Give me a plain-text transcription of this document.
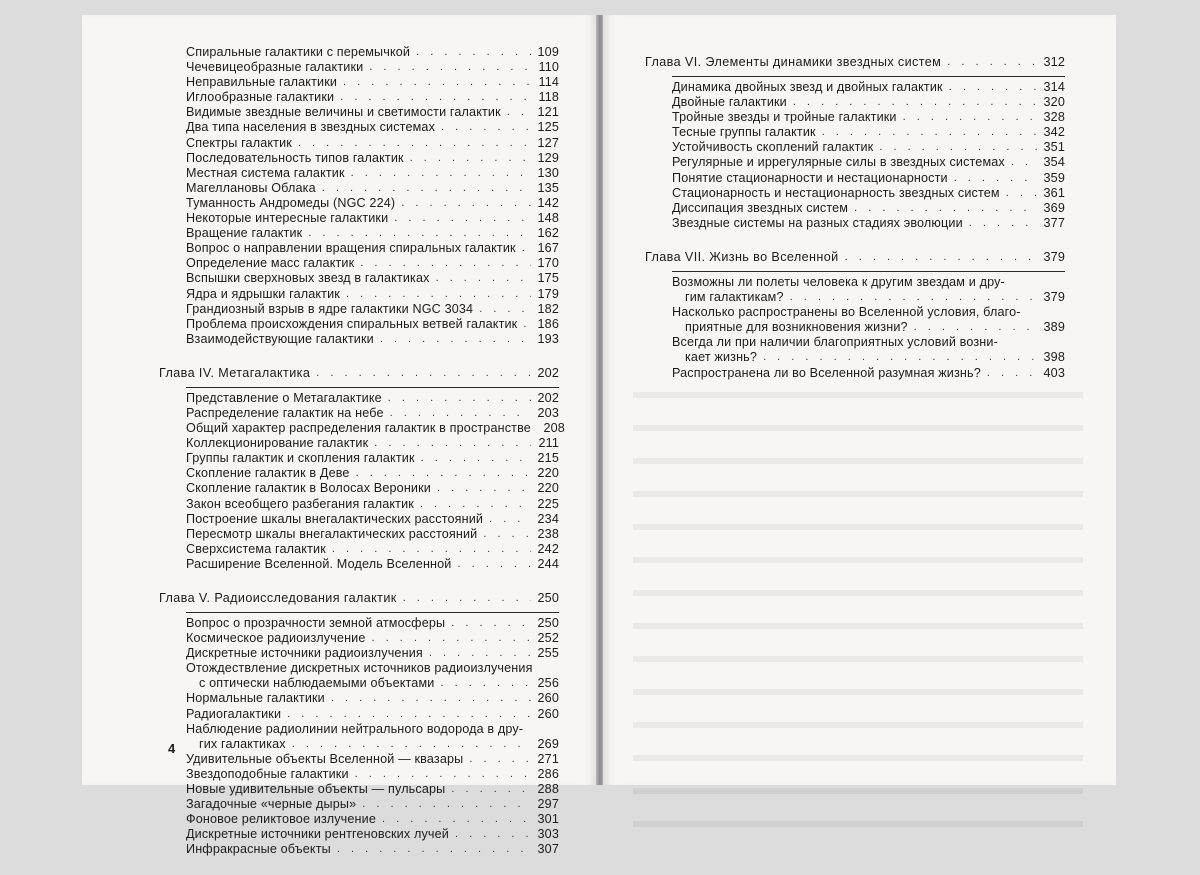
Спиральные галактики с перемычкой . . .	109
Чечевицеобразные галактики . . .	110
Неправильные галактики . . .	114
Иглообразные галактики . . .	118
Видимые звездные величины и светимости галактик . . .	121
Два типа населения в звездных системах . . .	125
Спектры галактик . . .	127
Последовательность типов галактик . . .	129
Местная система галактик . . .	130
Магеллановы Облака . . .	135
Туманность Андромеды (NGC 224) . . .	142
Некоторые интересные галактики . . .	148
Вращение галактик . . .	162
Вопрос о направлении вращения спиральных галактик . . . 167
Определение масс галактик . . .	170
Вспышки сверхновых звезд в галактиках . . .	175
Ядра и ядрышки галактик . . .	179
Грандиозный взрыв в ядре галактики NGC 3034 . . .	182
Проблема происхождения спиральных ветвей галактик . . . 186
Взаимодействующие галактики . . .	193
Глава IV. Метагалактика . . .	202
Представление о Метагалактике . . .	202
Распределение галактик на небе . . .	203
Общий характер распределения галактик в пространстве 208
Коллекционирование галактик . . .	211
Группы галактик и скопления галактик . . .	215
Скопление галактик в Деве . . .	220
Скопление галактик в Волосах Вероники . . .	220
Закон всеобщего разбегания галактик . . .	225
Построение шкалы внегалактических расстояний . . .	234
Пересмотр шкалы внегалактических расстояний . . .	238
Сверхсистема галактик . . .	242
Расширение Вселенной. Модель Вселенной . . .	244
Глава V. Радиоисследования галактик . . .	250
Вопрос о прозрачности земной атмосферы . . .	250
Космическое радиоизлучение . . .	252
Дискретные источники радиоизлучения . . .	255
Отождествление дискретных источников радиоизлучения
с оптически наблюдаемыми объектами . . .	256
Нормальные галактики . . .	260
Радиогалактики . . .	260
Наблюдение радиолинии нейтрального водорода в дру-
гих галактиках . . .	269
Удивительные объекты Вселенной — квазары . . .	271
Звездоподобные галактики . . .	286
Новые удивительные объекты — пульсары . . .	288
Загадочные «черные дыры» . . .	297
Фоновое реликтовое излучение . . .	301
Дискретные источники рентгеновских лучей . . .	303
Инфракрасные объекты . . .	307
4
Глава VI. Элементы динамики звездных систем . . .	312
Динамика двойных звезд и двойных галактик . . .	314
Двойные галактики . . .	320
Тройные звезды и тройные галактики . . .	328
Тесные группы галактик . . .	342
Устойчивость скоплений галактик . . .	351
Регулярные и иррегулярные силы в звездных системах . . .	354
Понятие стационарности и нестационарности . . .	359
Стационарность и нестационарность звездных систем . . .	361
Диссипация звездных систем . . .	369
Звездные системы на разных стадиях эволюции . . .	377
Глава VII. Жизнь во Вселенной . . .	379
Возможны ли полеты человека к другим звездам и дру-
гим галактикам? . . .	379
Насколько распространены во Вселенной условия, благо-
приятные для возникновения жизни? . . .	389
Всегда ли при наличии благоприятных условий возни-
кает жизнь? . . .	398
Распространена ли во Вселенной разумная жизнь? . . .	403
